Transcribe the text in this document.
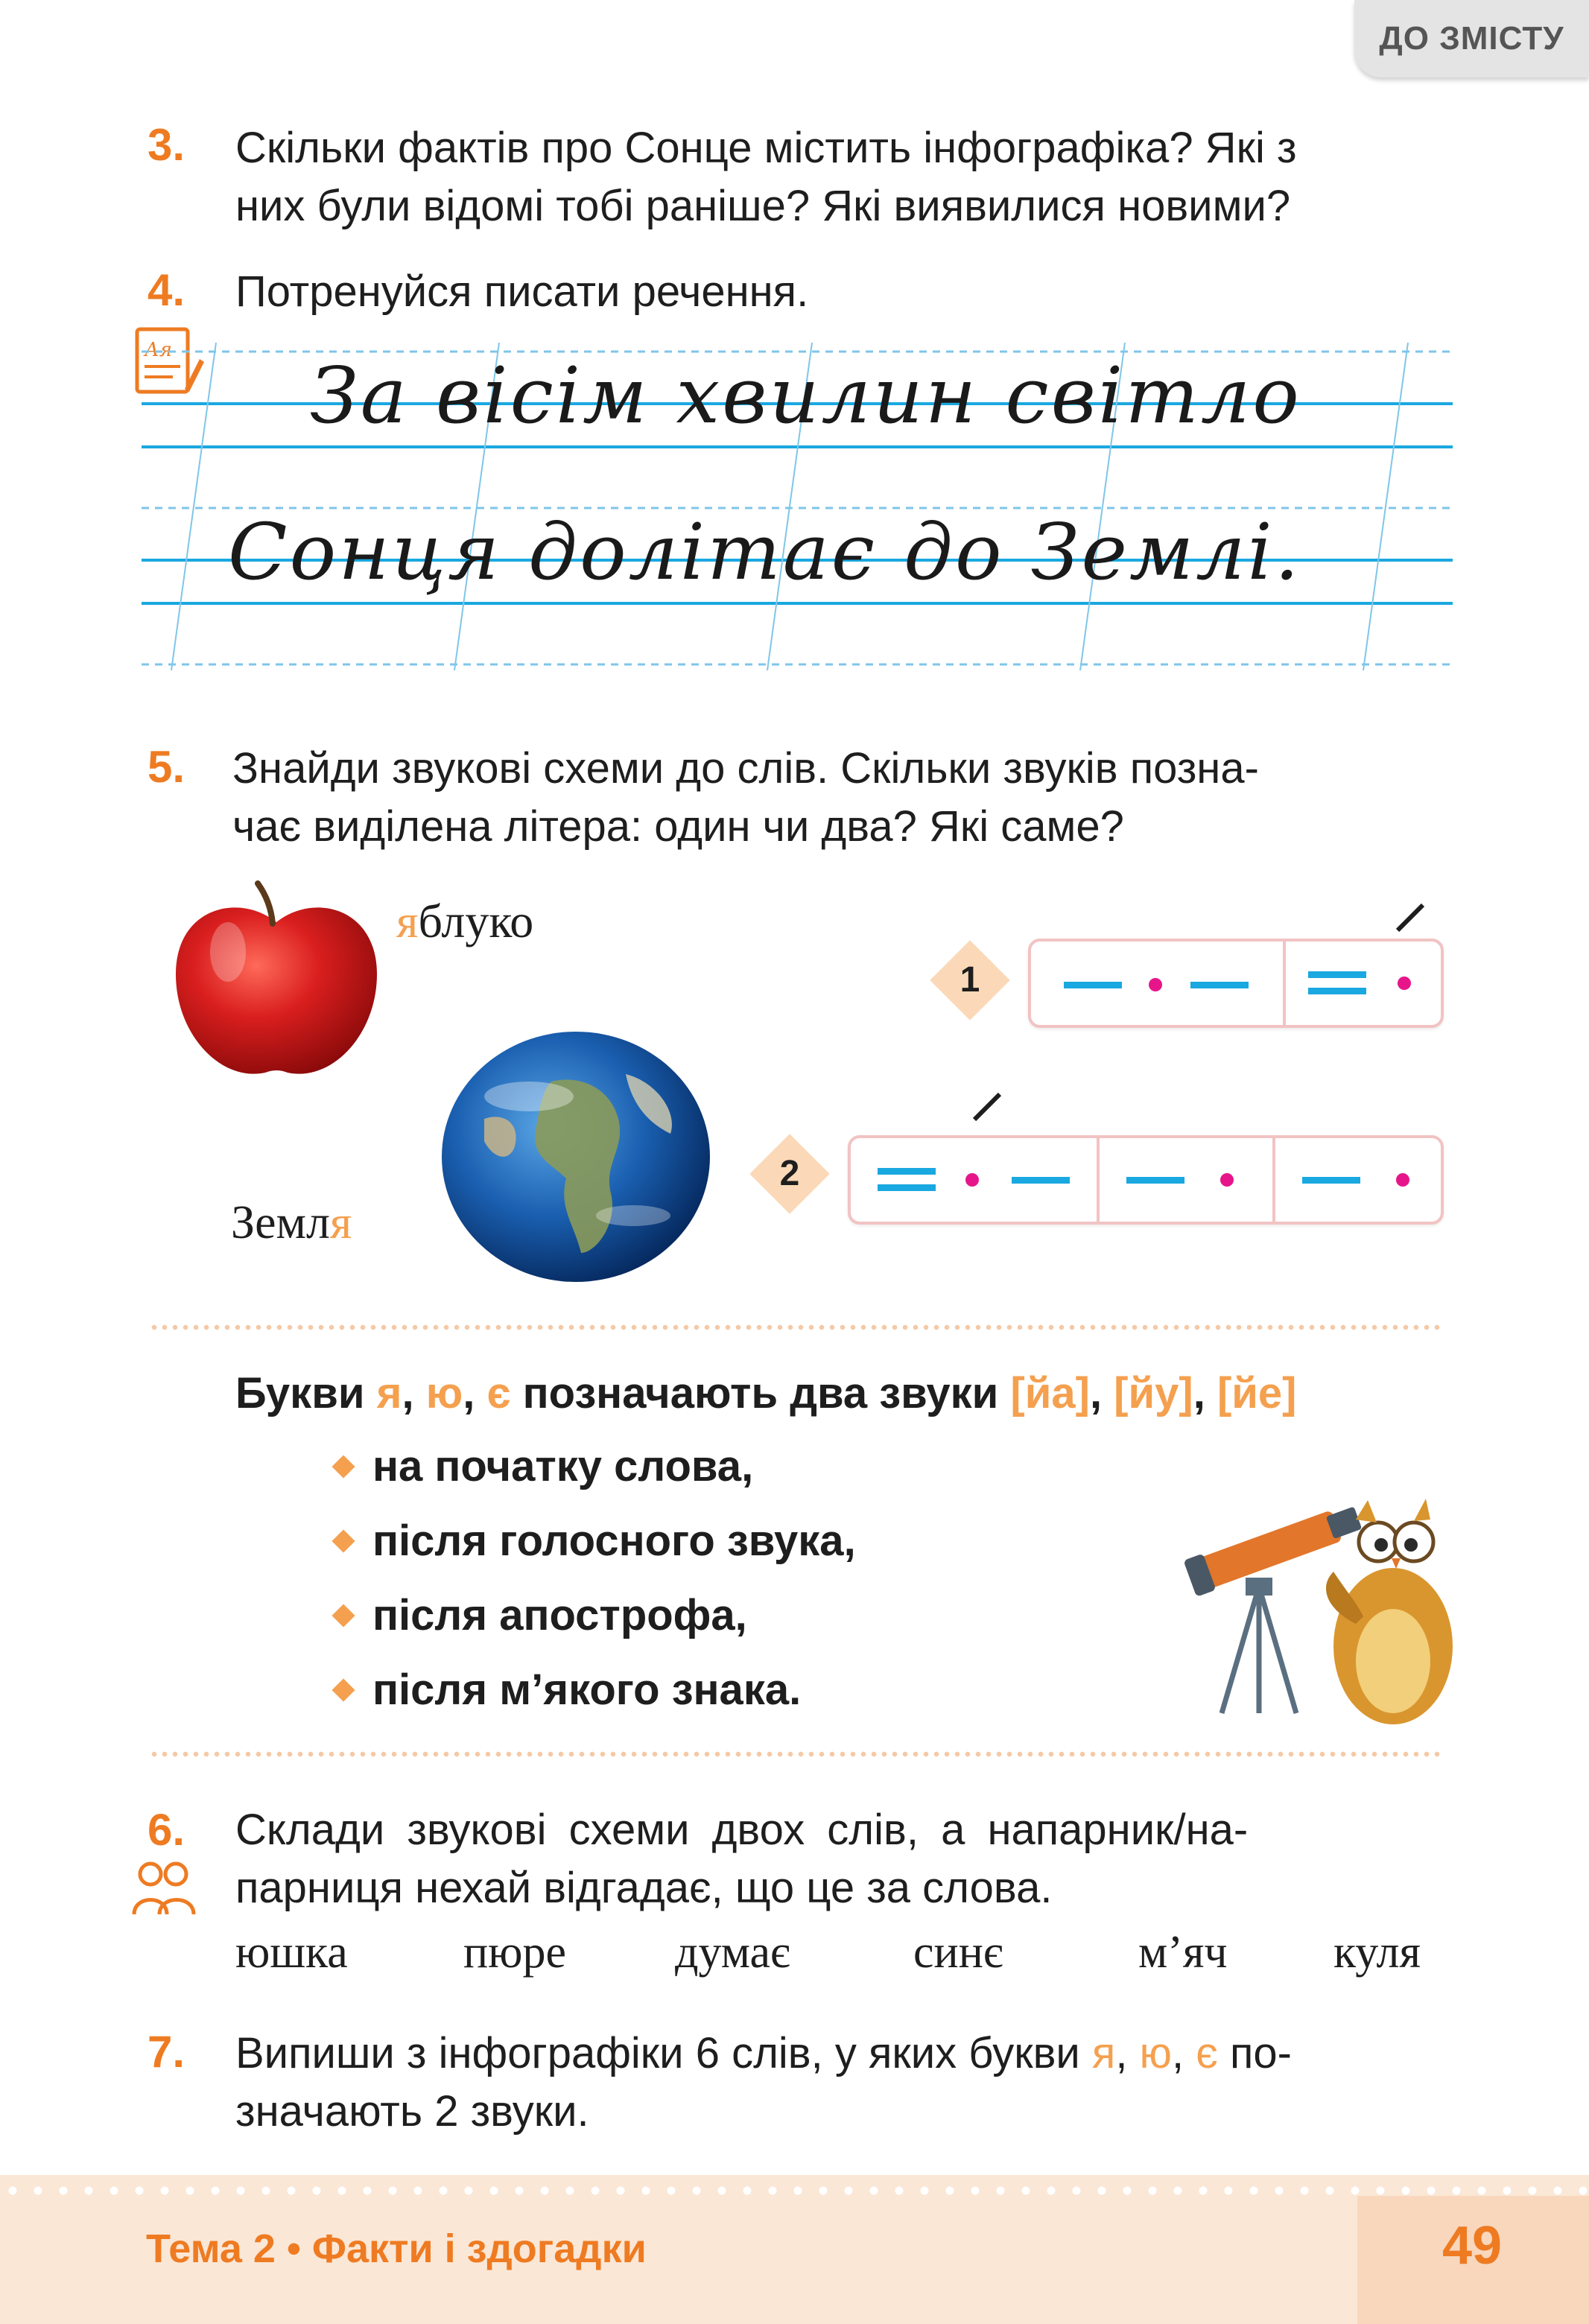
ДО ЗМІСТУ
3. Скільки фактів про Сонце містить інфографіка? Які з
них були відомі тобі раніше? Які виявилися новими?
4. Потренуйся писати речення.
Ая За вісім хвилин світло
Сонця долітає до Землі.
5. Знайди звукові схеми до слів. Скільки звуків позна-
чає виділена літера: один чи два? Які саме?
яблуко
Земля
1
2
Букви я, ю, є позначають два звуки [йа], [йу], [йе]
на початку слова,
після голосного звука,
після апострофа,
після м’якого знака.
6. Склади звукові схеми двох слів, а напарник/на-
парниця нехай відгадає, що це за слова.
юшка	пюре думає	синє	м’яч куля
7. Випиши з інфографіки 6 слів, у яких букви я, ю, є по-
значають 2 звуки.
Тема 2 • Факти і здогадки	49
